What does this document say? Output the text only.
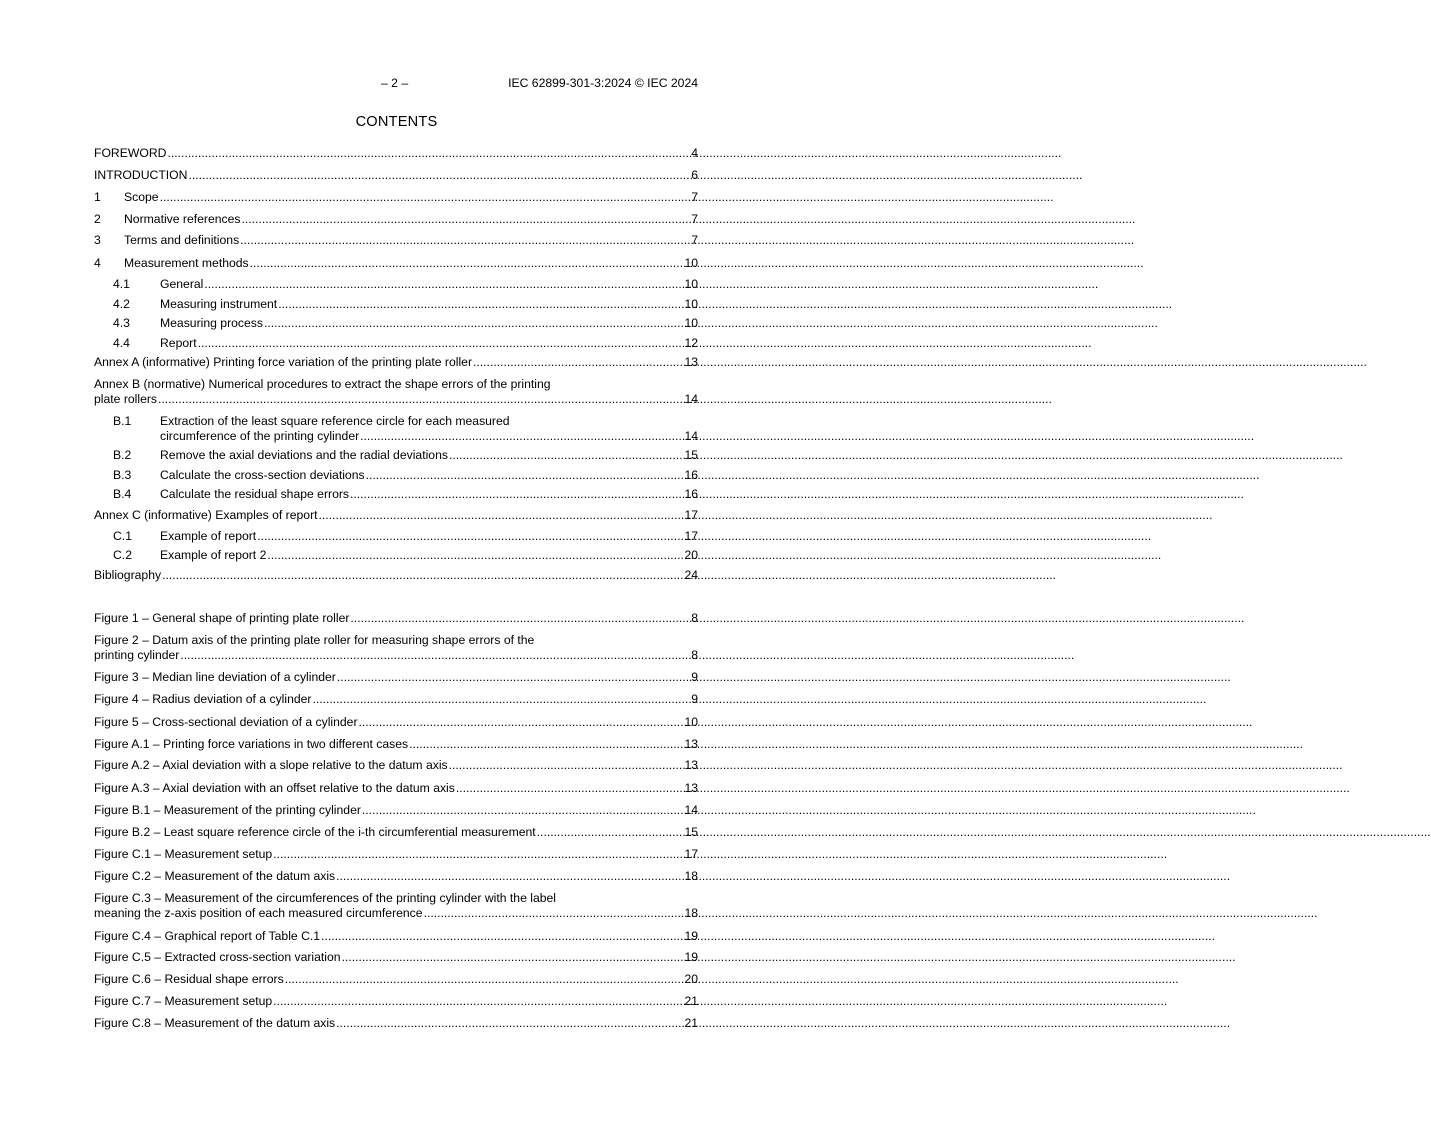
– 2 –	IEC 62899-301-3:2024 © IEC 2024
CONTENTS
FOREWORD .....	4
INTRODUCTION .....	6
1	Scope .....	7
2	Normative references .....	7
3	Terms and definitions .....	7
4	Measurement methods .....	10
4.1	General .....	10
4.2	Measuring instrument .....	10
4.3	Measuring process .....	10
4.4	Report .....	12
Annex A (informative) Printing force variation of the printing plate roller .....	13
Annex B (normative) Numerical procedures to extract the shape errors of the printing
plate rollers .....	14
B.1 Extraction of the least square reference circle for each measured
circumference of the printing cylinder .....	14
B.2	Remove the axial deviations and the radial deviations .....	15
B.3	Calculate the cross-section deviations .....	16
B.4	Calculate the residual shape errors .....	16
Annex C (informative) Examples of report .....	17
C.1	Example of report .....	17
C.2	Example of report 2 .....	20
Bibliography .....	24
Figure 1 – General shape of printing plate roller .....	8
Figure 2 – Datum axis of the printing plate roller for measuring shape errors of the
printing cylinder .....	8
Figure 3 – Median line deviation of a cylinder .....	9
Figure 4 – Radius deviation of a cylinder .....	9
Figure 5 – Cross-sectional deviation of a cylinder .....	10
Figure A.1 – Printing force variations in two different cases .....	13
Figure A.2 – Axial deviation with a slope relative to the datum axis .....	13
Figure A.3 – Axial deviation with an offset relative to the datum axis .....	13
Figure B.1 – Measurement of the printing cylinder .....	14
Figure B.2 – Least square reference circle of the i-th circumferential measurement .....	15
Figure C.1 – Measurement setup .....	17
Figure C.2 – Measurement of the datum axis .....	18
Figure C.3 – Measurement of the circumferences of the printing cylinder with the label
meaning the z-axis position of each measured circumference .....	18
Figure C.4 – Graphical report of Table C.1 .....	19
Figure C.5 – Extracted cross-section variation .....	19
Figure C.6 – Residual shape errors .....	20
Figure C.7 – Measurement setup .....	21
Figure C.8 – Measurement of the datum axis .....	21
